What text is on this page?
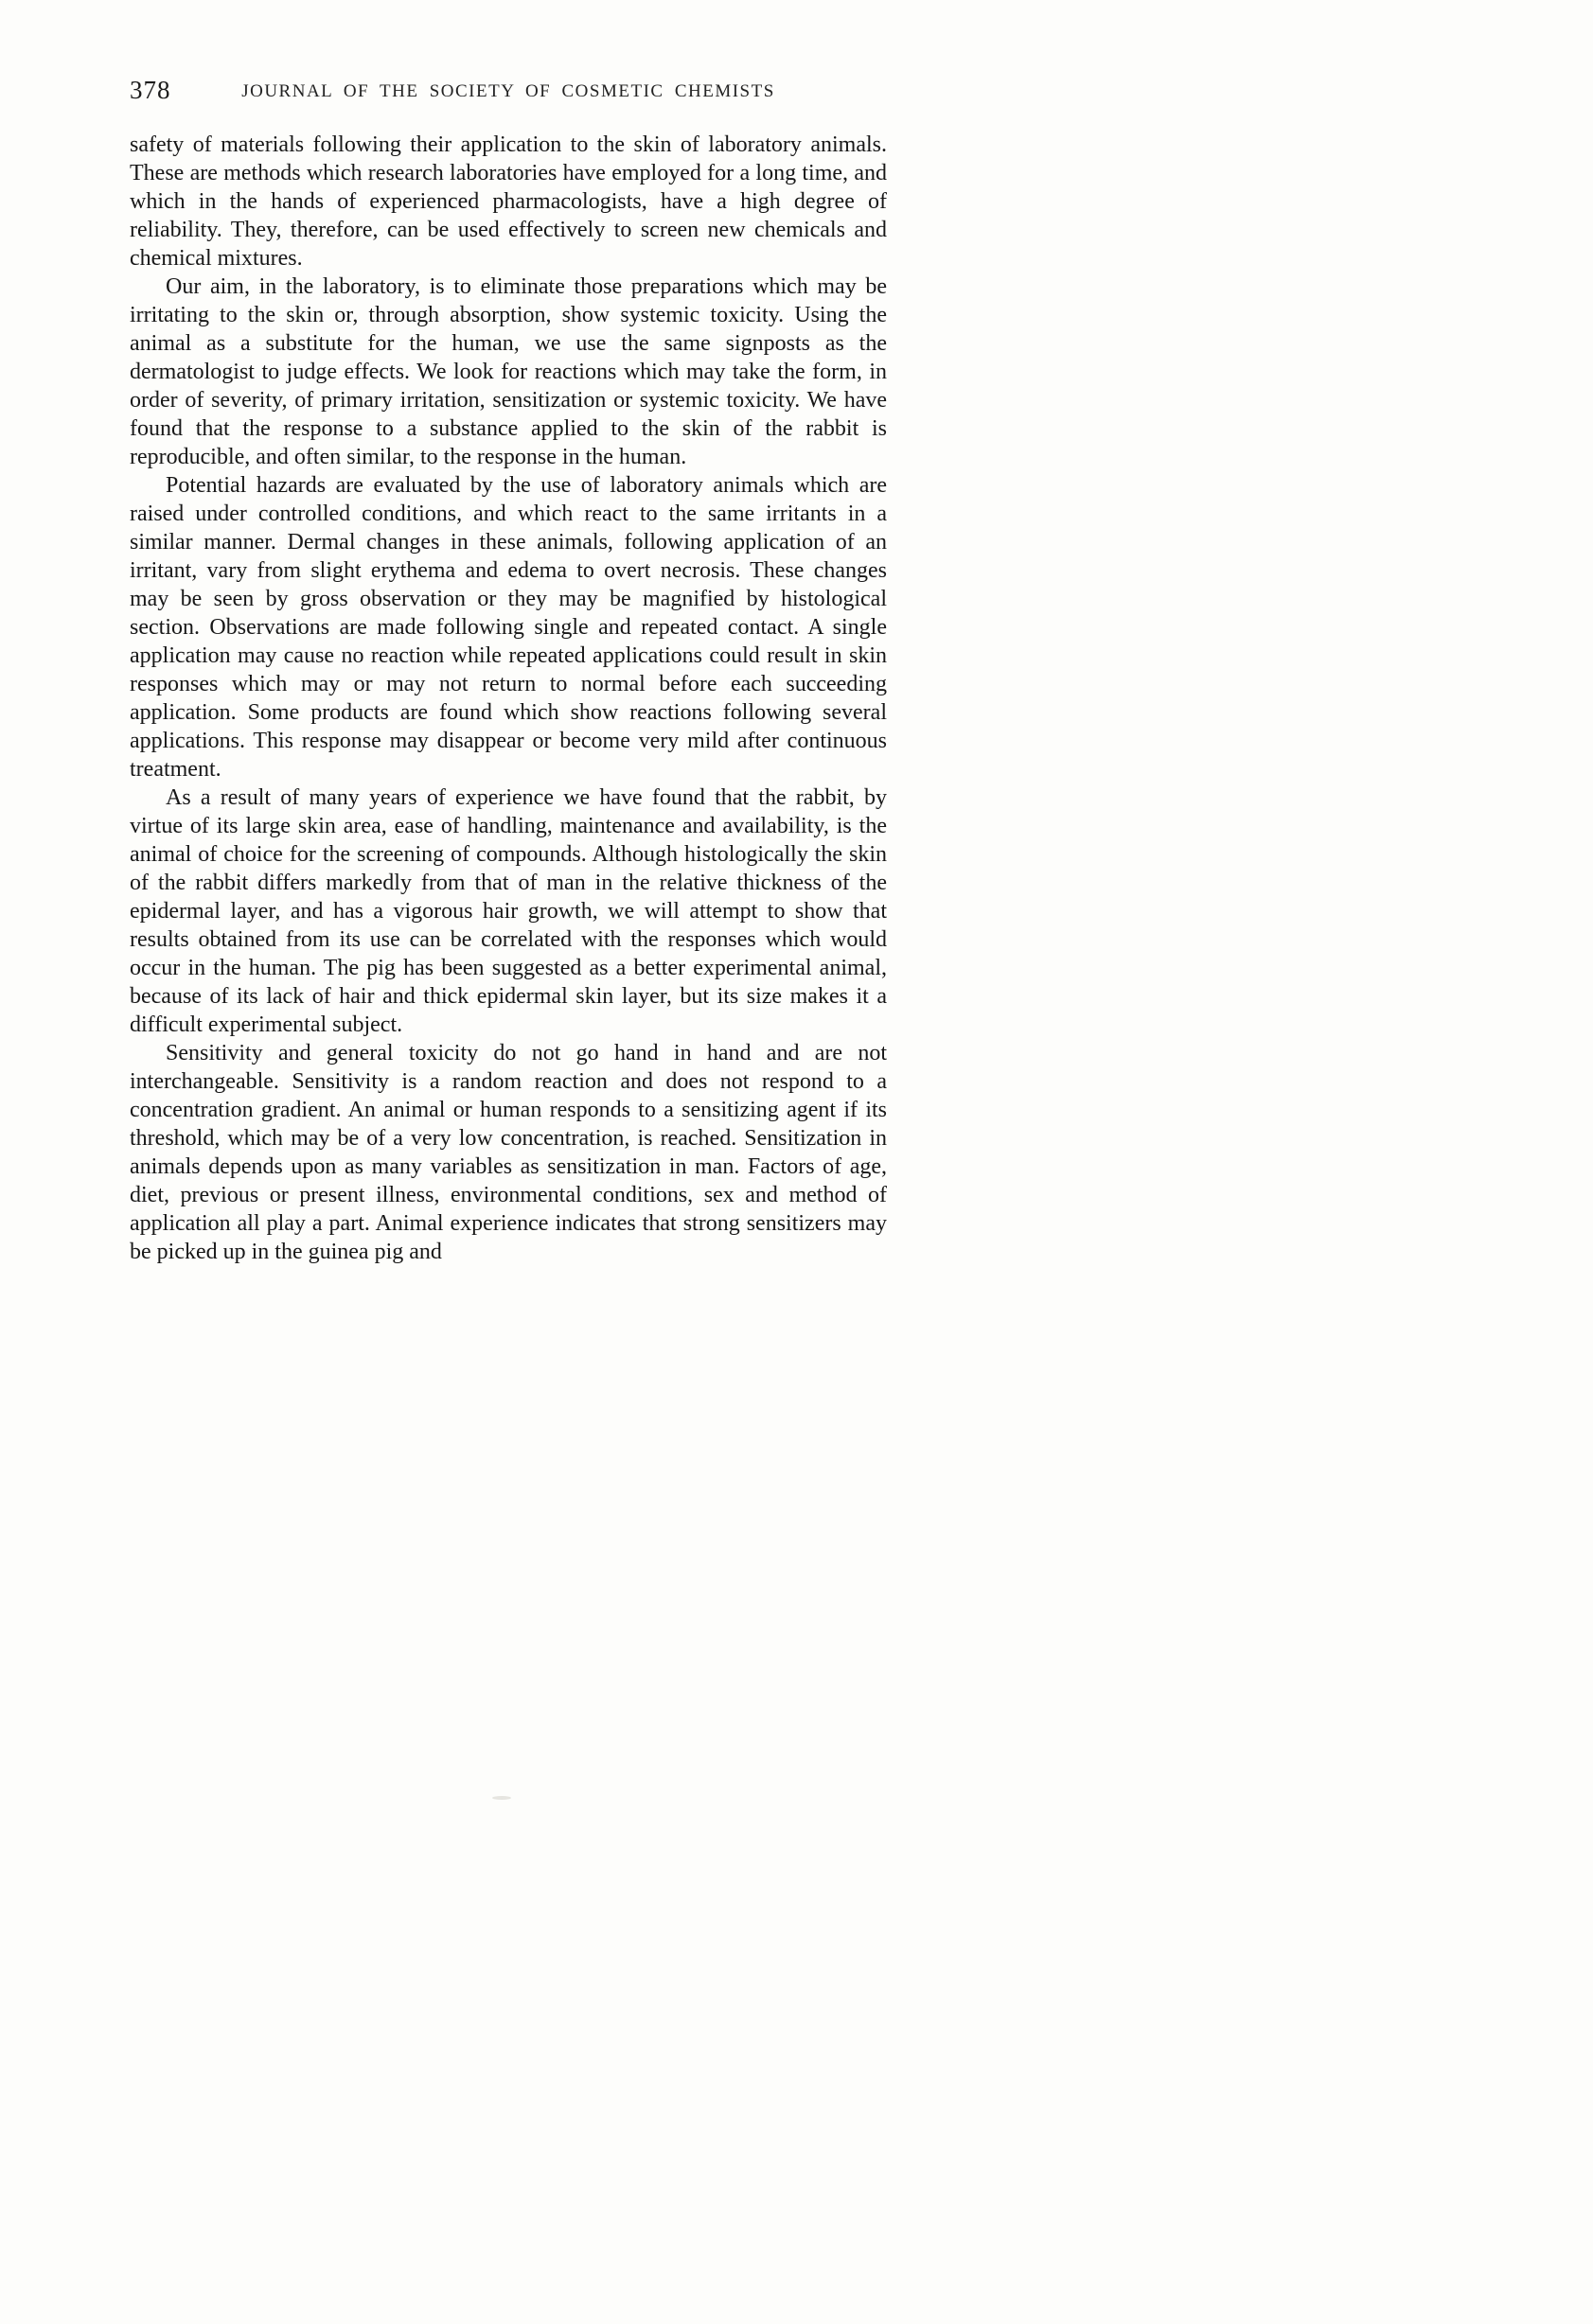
378	JOURNAL OF THE SOCIETY OF COSMETIC CHEMISTS

safety of materials following their application to the skin of laboratory animals. These are methods which research laboratories have employed for a long time, and which in the hands of experienced pharmacologists, have a high degree of reliability. They, therefore, can be used effectively to screen new chemicals and chemical mixtures.

Our aim, in the laboratory, is to eliminate those preparations which may be irritating to the skin or, through absorption, show systemic toxicity. Using the animal as a substitute for the human, we use the same signposts as the dermatologist to judge effects. We look for reactions which may take the form, in order of severity, of primary irritation, sensitization or systemic toxicity. We have found that the response to a substance applied to the skin of the rabbit is reproducible, and often similar, to the response in the human.

Potential hazards are evaluated by the use of laboratory animals which are raised under controlled conditions, and which react to the same irritants in a similar manner. Dermal changes in these animals, following application of an irritant, vary from slight erythema and edema to overt necrosis. These changes may be seen by gross observation or they may be magnified by histological section. Observations are made following single and repeated contact. A single application may cause no reaction while repeated applications could result in skin responses which may or may not return to normal before each succeeding application. Some products are found which show reactions following several applications. This response may disappear or become very mild after continuous treatment.

As a result of many years of experience we have found that the rabbit, by virtue of its large skin area, ease of handling, maintenance and availability, is the animal of choice for the screening of compounds. Although histologically the skin of the rabbit differs markedly from that of man in the relative thickness of the epidermal layer, and has a vigorous hair growth, we will attempt to show that results obtained from its use can be correlated with the responses which would occur in the human. The pig has been suggested as a better experimental animal, because of its lack of hair and thick epidermal skin layer, but its size makes it a difficult experimental subject.

Sensitivity and general toxicity do not go hand in hand and are not interchangeable. Sensitivity is a random reaction and does not respond to a concentration gradient. An animal or human responds to a sensitizing agent if its threshold, which may be of a very low concentration, is reached. Sensitization in animals depends upon as many variables as sensitization in man. Factors of age, diet, previous or present illness, environmental conditions, sex and method of application all play a part. Animal experience indicates that strong sensitizers may be picked up in the guinea pig and
